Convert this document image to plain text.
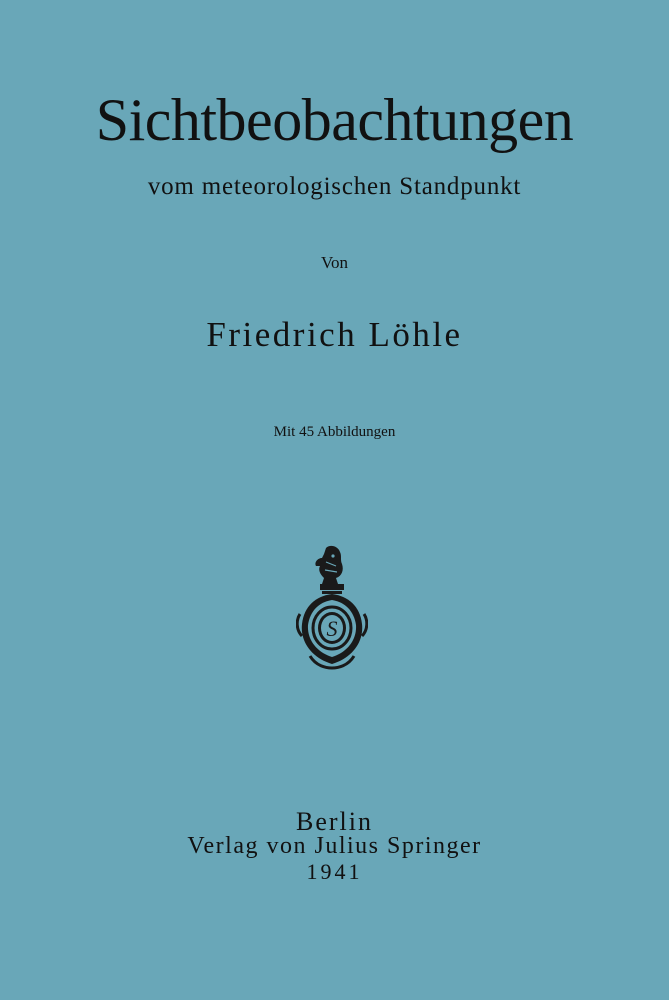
Sichtbeobachtungen
vom meteorologischen Standpunkt
Von
Friedrich Löhle
Mit 45 Abbildungen
S
Berlin
Verlag von Julius Springer
1941
